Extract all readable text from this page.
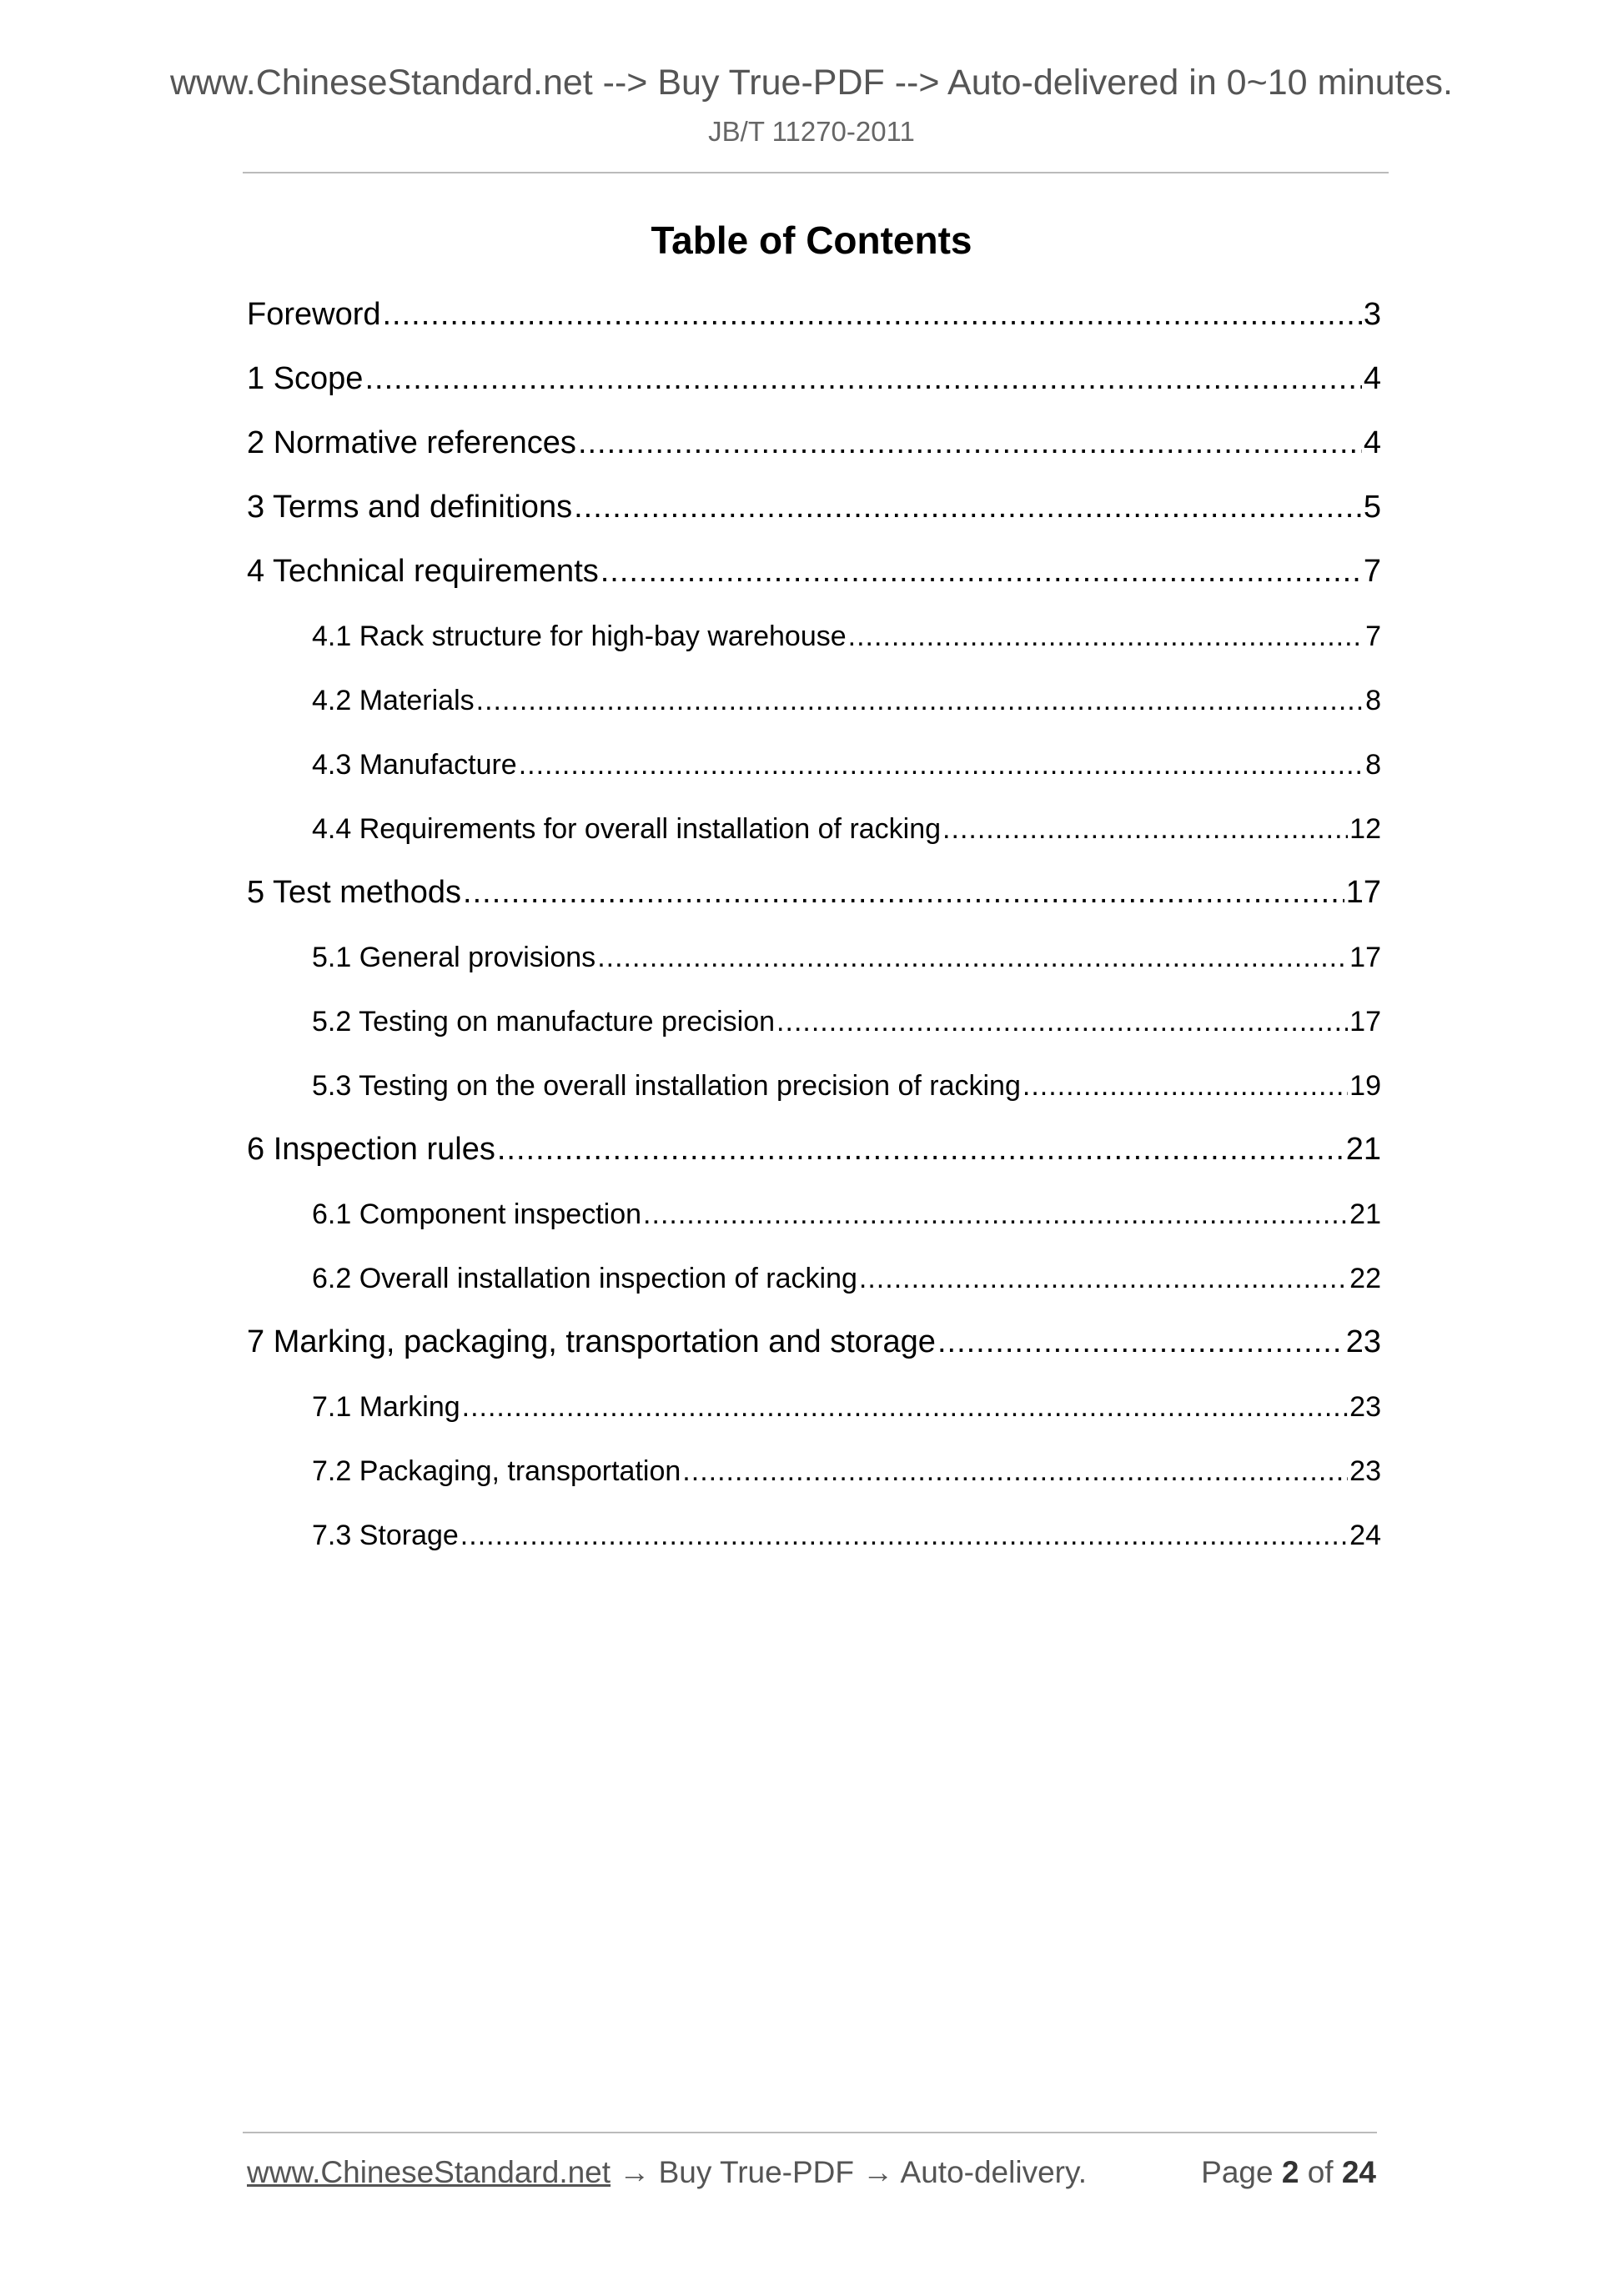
www.ChineseStandard.net --> Buy True-PDF --> Auto-delivered in 0~10 minutes.
JB/T 11270-2011
Table of Contents
Foreword .....	3
1 Scope .....	4
2 Normative references .....	4
3 Terms and definitions .....	5
4 Technical requirements .....	7
4.1 Rack structure for high-bay warehouse .....	7
4.2 Materials .....	8
4.3 Manufacture .....	8
4.4 Requirements for overall installation of racking .....	12
5 Test methods .....	17
5.1 General provisions .....	17
5.2 Testing on manufacture precision .....	17
5.3 Testing on the overall installation precision of racking .....	19
6 Inspection rules .....	21
6.1 Component inspection .....	21
6.2 Overall installation inspection of racking .....	22
7 Marking, packaging, transportation and storage .....	23
7.1 Marking .....	23
7.2 Packaging, transportation .....	23
7.3 Storage .....	24
www.ChineseStandard.net → Buy True-PDF → Auto-delivery.	Page 2 of 24
